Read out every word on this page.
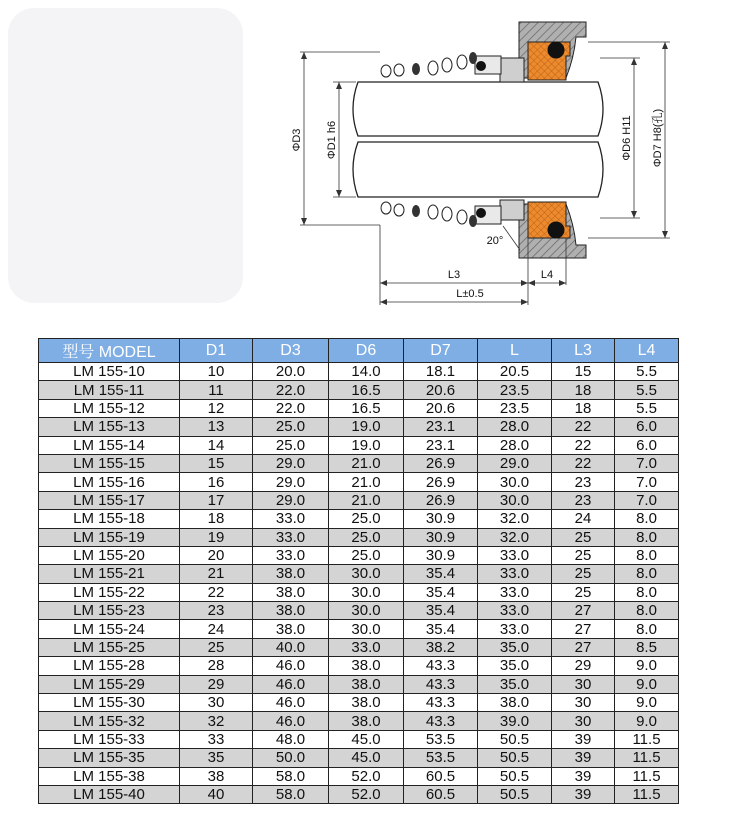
ΦD3 ΦD1 h6	ΦD6 H11 ΦD7 H8(孔)
20°
L3	L4
L±0.5
型号 MODEL	D1	D3	D6	D7	L	L3	L4
LM 155-10	10	20.0	14.0	18.1	20.5	15	5.5
LM 155-11	11	22.0	16.5	20.6	23.5	18	5.5
LM 155-12	12	22.0	16.5	20.6	23.5	18	5.5
LM 155-13	13	25.0	19.0	23.1	28.0	22	6.0
LM 155-14	14	25.0	19.0	23.1	28.0	22	6.0
LM 155-15	15	29.0	21.0	26.9	29.0	22	7.0
LM 155-16	16	29.0	21.0	26.9	30.0	23	7.0
LM 155-17	17	29.0	21.0	26.9	30.0	23	7.0
LM 155-18	18	33.0	25.0	30.9	32.0	24	8.0
LM 155-19	19	33.0	25.0	30.9	32.0	25	8.0
LM 155-20	20	33.0	25.0	30.9	33.0	25	8.0
LM 155-21	21	38.0	30.0	35.4	33.0	25	8.0
LM 155-22	22	38.0	30.0	35.4	33.0	25	8.0
LM 155-23	23	38.0	30.0	35.4	33.0	27	8.0
LM 155-24	24	38.0	30.0	35.4	33.0	27	8.0
LM 155-25	25	40.0	33.0	38.2	35.0	27	8.5
LM 155-28	28	46.0	38.0	43.3	35.0	29	9.0
LM 155-29	29	46.0	38.0	43.3	35.0	30	9.0
LM 155-30	30	46.0	38.0	43.3	38.0	30	9.0
LM 155-32	32	46.0	38.0	43.3	39.0	30	9.0
LM 155-33	33	48.0	45.0	53.5	50.5	39	11.5
LM 155-35	35	50.0	45.0	53.5	50.5	39	11.5
LM 155-38	38	58.0	52.0	60.5	50.5	39	11.5
LM 155-40	40	58.0	52.0	60.5	50.5	39	11.5
